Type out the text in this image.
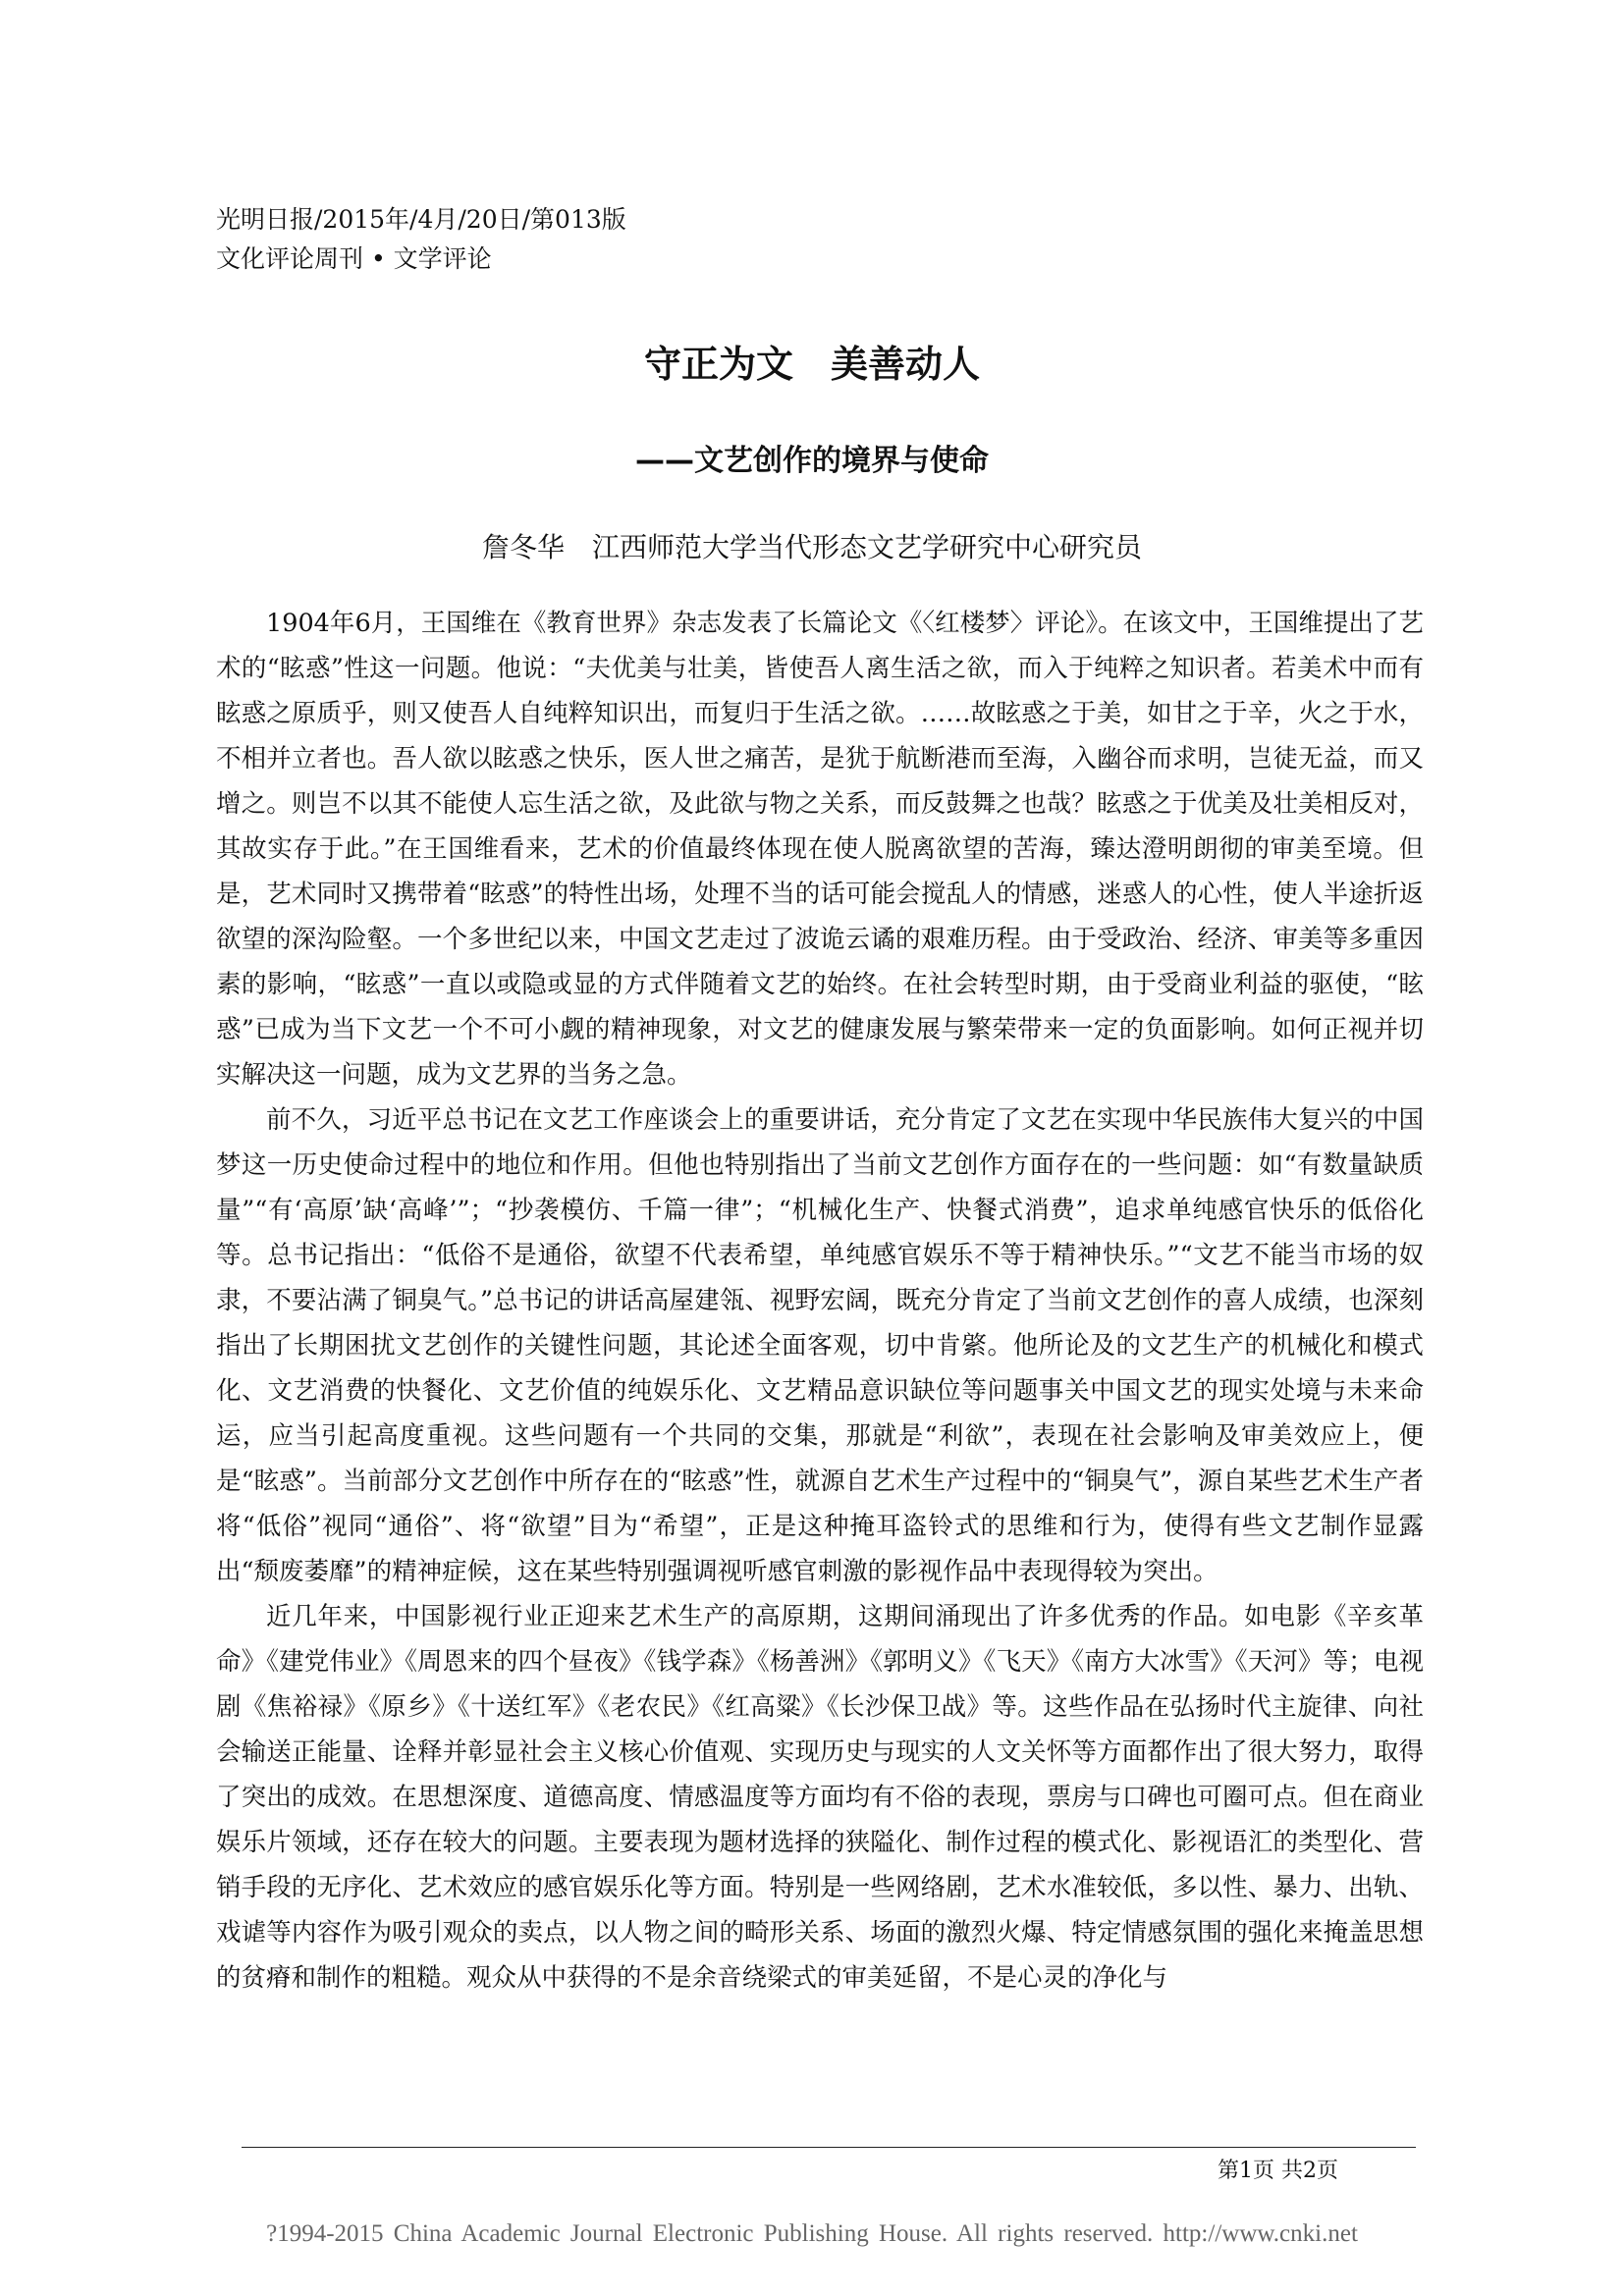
光明日报/2015年/4月/20日/第013版
文化评论周刊 • 文学评论
守正为文　美善动人
——文艺创作的境界与使命
詹冬华　江西师范大学当代形态文艺学研究中心研究员

1904年6月，王国维在《教育世界》杂志发表了长篇论文《〈红楼梦〉评论》。在该文中，王国维提出了艺术的“眩惑”性这一问题。他说：“夫优美与壮美，皆使吾人离生活之欲，而入于纯粹之知识者。若美术中而有眩惑之原质乎，则又使吾人自纯粹知识出，而复归于生活之欲。……故眩惑之于美，如甘之于辛，火之于水，不相并立者也。吾人欲以眩惑之快乐，医人世之痛苦，是犹于航断港而至海，入幽谷而求明，岂徒无益，而又增之。则岂不以其不能使人忘生活之欲，及此欲与物之关系，而反鼓舞之也哉？眩惑之于优美及壮美相反对，其故实存于此。”在王国维看来，艺术的价值最终体现在使人脱离欲望的苦海，臻达澄明朗彻的审美至境。但是，艺术同时又携带着“眩惑”的特性出场，处理不当的话可能会搅乱人的情感，迷惑人的心性，使人半途折返欲望的深沟险壑。一个多世纪以来，中国文艺走过了波诡云谲的艰难历程。由于受政治、经济、审美等多重因素的影响，“眩惑”一直以或隐或显的方式伴随着文艺的始终。在社会转型时期，由于受商业利益的驱使，“眩惑”已成为当下文艺一个不可小觑的精神现象，对文艺的健康发展与繁荣带来一定的负面影响。如何正视并切实解决这一问题，成为文艺界的当务之急。

前不久，习近平总书记在文艺工作座谈会上的重要讲话，充分肯定了文艺在实现中华民族伟大复兴的中国梦这一历史使命过程中的地位和作用。但他也特别指出了当前文艺创作方面存在的一些问题：如“有数量缺质量”“有‘高原’缺‘高峰’”；“抄袭模仿、千篇一律”；“机械化生产、快餐式消费”，追求单纯感官快乐的低俗化等。总书记指出：“低俗不是通俗，欲望不代表希望，单纯感官娱乐不等于精神快乐。”“文艺不能当市场的奴隶，不要沾满了铜臭气。”总书记的讲话高屋建瓴、视野宏阔，既充分肯定了当前文艺创作的喜人成绩，也深刻指出了长期困扰文艺创作的关键性问题，其论述全面客观，切中肯綮。他所论及的文艺生产的机械化和模式化、文艺消费的快餐化、文艺价值的纯娱乐化、文艺精品意识缺位等问题事关中国文艺的现实处境与未来命运，应当引起高度重视。这些问题有一个共同的交集，那就是“利欲”，表现在社会影响及审美效应上，便是“眩惑”。当前部分文艺创作中所存在的“眩惑”性，就源自艺术生产过程中的“铜臭气”，源自某些艺术生产者将“低俗”视同“通俗”、将“欲望”目为“希望”，正是这种掩耳盗铃式的思维和行为，使得有些文艺制作显露出“颓废萎靡”的精神症候，这在某些特别强调视听感官刺激的影视作品中表现得较为突出。

近几年来，中国影视行业正迎来艺术生产的高原期，这期间涌现出了许多优秀的作品。如电影《辛亥革命》《建党伟业》《周恩来的四个昼夜》《钱学森》《杨善洲》《郭明义》《飞天》《南方大冰雪》《天河》等；电视剧《焦裕禄》《原乡》《十送红军》《老农民》《红高粱》《长沙保卫战》等。这些作品在弘扬时代主旋律、向社会输送正能量、诠释并彰显社会主义核心价值观、实现历史与现实的人文关怀等方面都作出了很大努力，取得了突出的成效。在思想深度、道德高度、情感温度等方面均有不俗的表现，票房与口碑也可圈可点。但在商业娱乐片领域，还存在较大的问题。主要表现为题材选择的狭隘化、制作过程的模式化、影视语汇的类型化、营销手段的无序化、艺术效应的感官娱乐化等方面。特别是一些网络剧，艺术水准较低，多以性、暴力、出轨、戏谑等内容作为吸引观众的卖点，以人物之间的畸形关系、场面的激烈火爆、特定情感氛围的强化来掩盖思想的贫瘠和制作的粗糙。观众从中获得的不是余音绕梁式的审美延留，不是心灵的净化与

第1页 共2页
?1994-2015 China Academic Journal Electronic Publishing House. All rights reserved. http://www.cnki.net
